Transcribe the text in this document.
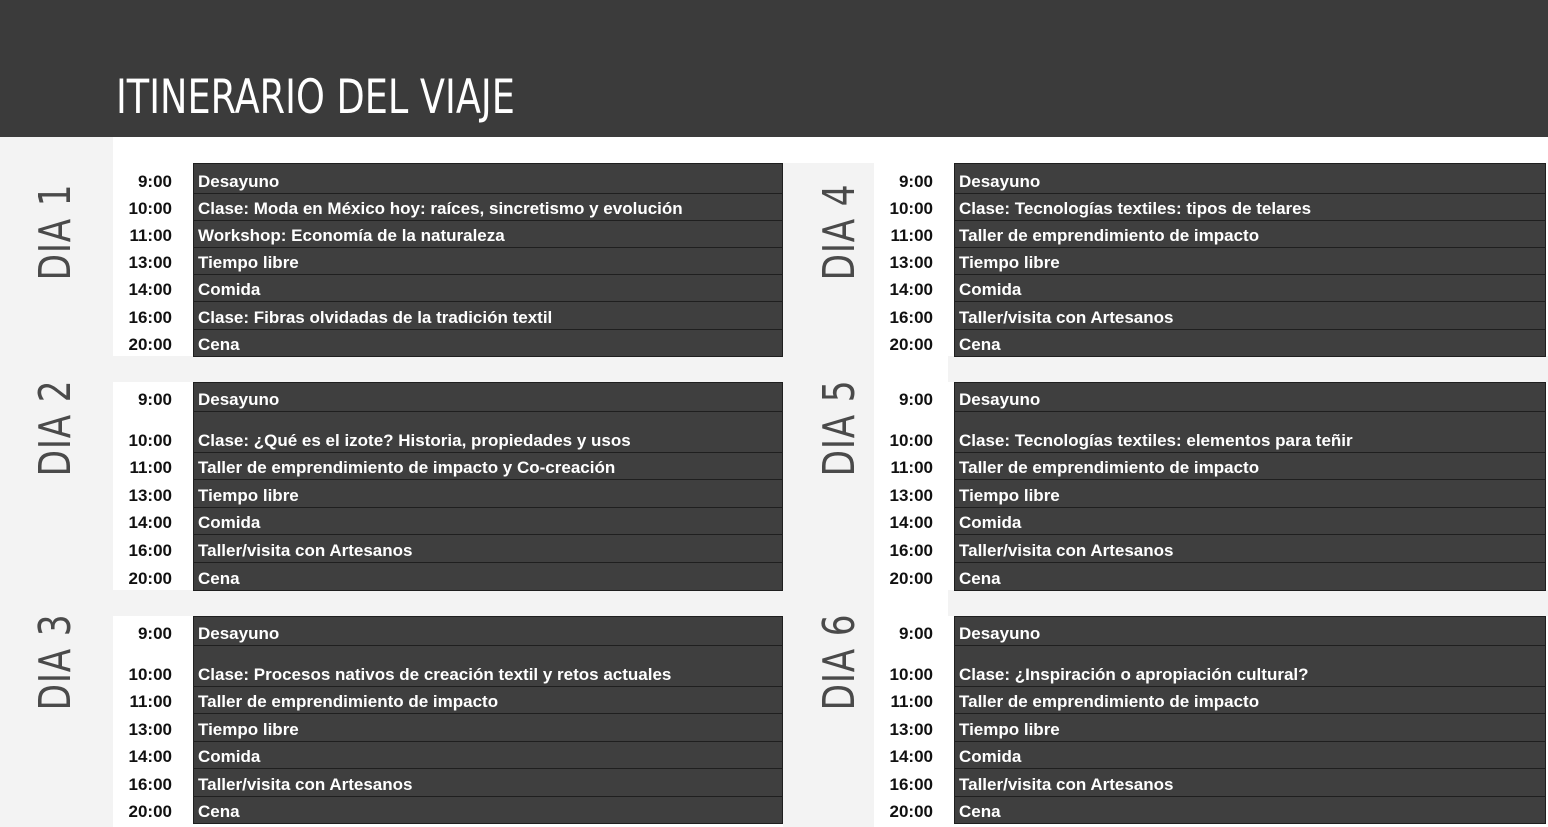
ITINERARIO DEL VIAJE
DIA 1
9:00 Desayuno
10:00 Clase: Moda en México hoy: raíces, sincretismo y evolución
11:00 Workshop: Economía de la naturaleza
13:00 Tiempo libre
14:00 Comida
16:00 Clase: Fibras olvidadas de la tradición textil
20:00 Cena
DIA 2	9:00 Desayuno
10:00 Clase: ¿Qué es el izote? Historia, propiedades y usos
11:00 Taller de emprendimiento de impacto y Co-creación
13:00 Tiempo libre
14:00 Comida
16:00 Taller/visita con Artesanos
20:00 Cena
DIA 3	9:00 Desayuno
10:00 Clase: Procesos nativos de creación textil y retos actuales
11:00 Taller de emprendimiento de impacto
13:00 Tiempo libre
14:00 Comida
16:00 Taller/visita con Artesanos
20:00 Cena
DIA 4
9:00 Desayuno
10:00 Clase: Tecnologías textiles: tipos de telares
11:00 Taller de emprendimiento de impacto
13:00 Tiempo libre
14:00 Comida
16:00 Taller/visita con Artesanos
20:00 Cena
DIA 5	9:00 Desayuno
10:00 Clase: Tecnologías textiles: elementos para teñir
11:00 Taller de emprendimiento de impacto
13:00 Tiempo libre
14:00 Comida
16:00 Taller/visita con Artesanos
20:00 Cena
DIA 6	9:00 Desayuno
10:00 Clase: ¿Inspiración o apropiación cultural?
11:00 Taller de emprendimiento de impacto
13:00 Tiempo libre
14:00 Comida
16:00 Taller/visita con Artesanos
20:00 Cena
